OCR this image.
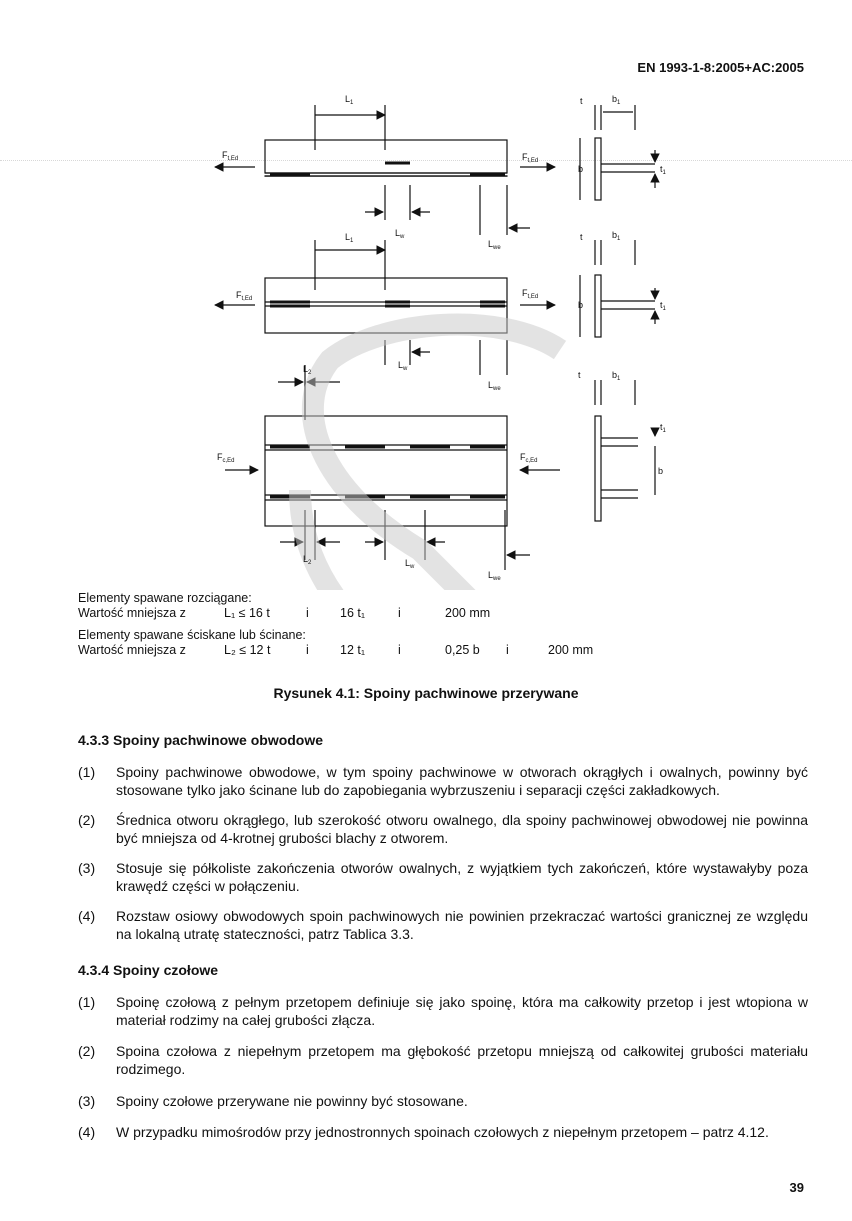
EN 1993-1-8:2005+AC:2005
$L_1$
$F_{t,Ed}$	$F_{t,Ed}$
$L_w$
$L_{we}$
t	$b_1$
b	$t_1$
$L_1$
$F_{t,Ed}$
$F_{t,Ed}$
$L_w$
$L_{we}$
t	$b_1$
b	$t_1$
$L_2$
$F_{c,Ed}$	$F_{c,Ed}$
$L_2$	$L_w$
$L_{we}$
t	$b_1$
$t_1$
b
Elementy spawane rozciągane:
Wartość mniejsza z	L₁ ≤ 16 t	i 16 t₁	i	200 mm
Elementy spawane ściskane lub ścinane:
Wartość mniejsza z	L₂ ≤ 12 t	i 12 t₁	i	0,25 b i	200 mm
Rysunek 4.1: Spoiny pachwinowe przerywane
4.3.3 Spoiny pachwinowe obwodowe
(1) Spoiny pachwinowe obwodowe, w tym spoiny pachwinowe w otworach okrągłych i owalnych, powinny być stosowane tylko jako ścinane lub do zapobiegania wybrzuszeniu i separacji części zakładkowych.
(2) Średnica otworu okrągłego, lub szerokość otworu owalnego, dla spoiny pachwinowej obwodowej nie powinna być mniejsza od 4-krotnej grubości blachy z otworem.
(3) Stosuje się półkoliste zakończenia otworów owalnych, z wyjątkiem tych zakończeń, które wystawałyby poza krawędź części w połączeniu.
(4) Rozstaw osiowy obwodowych spoin pachwinowych nie powinien przekraczać wartości granicznej ze względu na lokalną utratę stateczności, patrz Tablica 3.3.
4.3.4 Spoiny czołowe
(1) Spoinę czołową z pełnym przetopem definiuje się jako spoinę, która ma całkowity przetop i jest wtopiona w materiał rodzimy na całej grubości złącza.
(2) Spoina czołowa z niepełnym przetopem ma głębokość przetopu mniejszą od całkowitej grubości materiału rodzimego.
(3) Spoiny czołowe przerywane nie powinny być stosowane.
(4) W przypadku mimośrodów przy jednostronnych spoinach czołowych z niepełnym przetopem – patrz 4.12.
39
